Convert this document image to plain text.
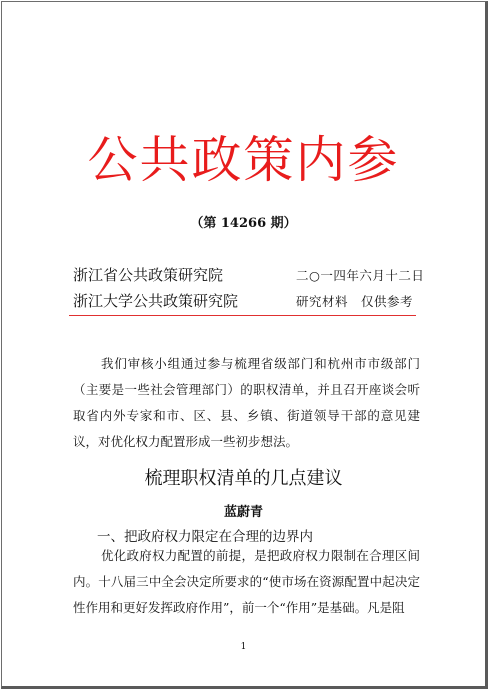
公共政策内参
（第 14266 期）
浙江省公共政策研究院	二○一四年六月十二日
浙江大学公共政策研究院	研究材料　仅供参考
我们审核小组通过参与梳理省级部门和杭州市市级部门（主要是一些社会管理部门）的职权清单，并且召开座谈会听取省内外专家和市、区、县、乡镇、街道领导干部的意见建议，对优化权力配置形成一些初步想法。
梳理职权清单的几点建议
蓝蔚青
一、把政府权力限定在合理的边界内
优化政府权力配置的前提，是把政府权力限制在合理区间内。十八届三中全会决定所要求的“使市场在资源配置中起决定性作用和更好发挥政府作用”，前一个“作用”是基础。凡是阻
1
